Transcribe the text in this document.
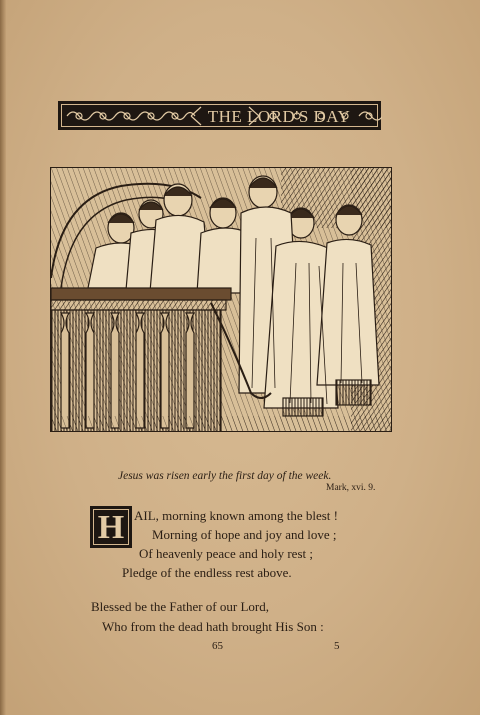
THE LORD'S DAY
Jesus was risen early the first day of the week.
Mark, xvi. 9.
H AIL, morning known among the blest !
Morning of hope and joy and love ;
Of heavenly peace and holy rest ;
Pledge of the endless rest above.
Blessed be the Father of our Lord,
Who from the dead hath brought His Son :
65	5
